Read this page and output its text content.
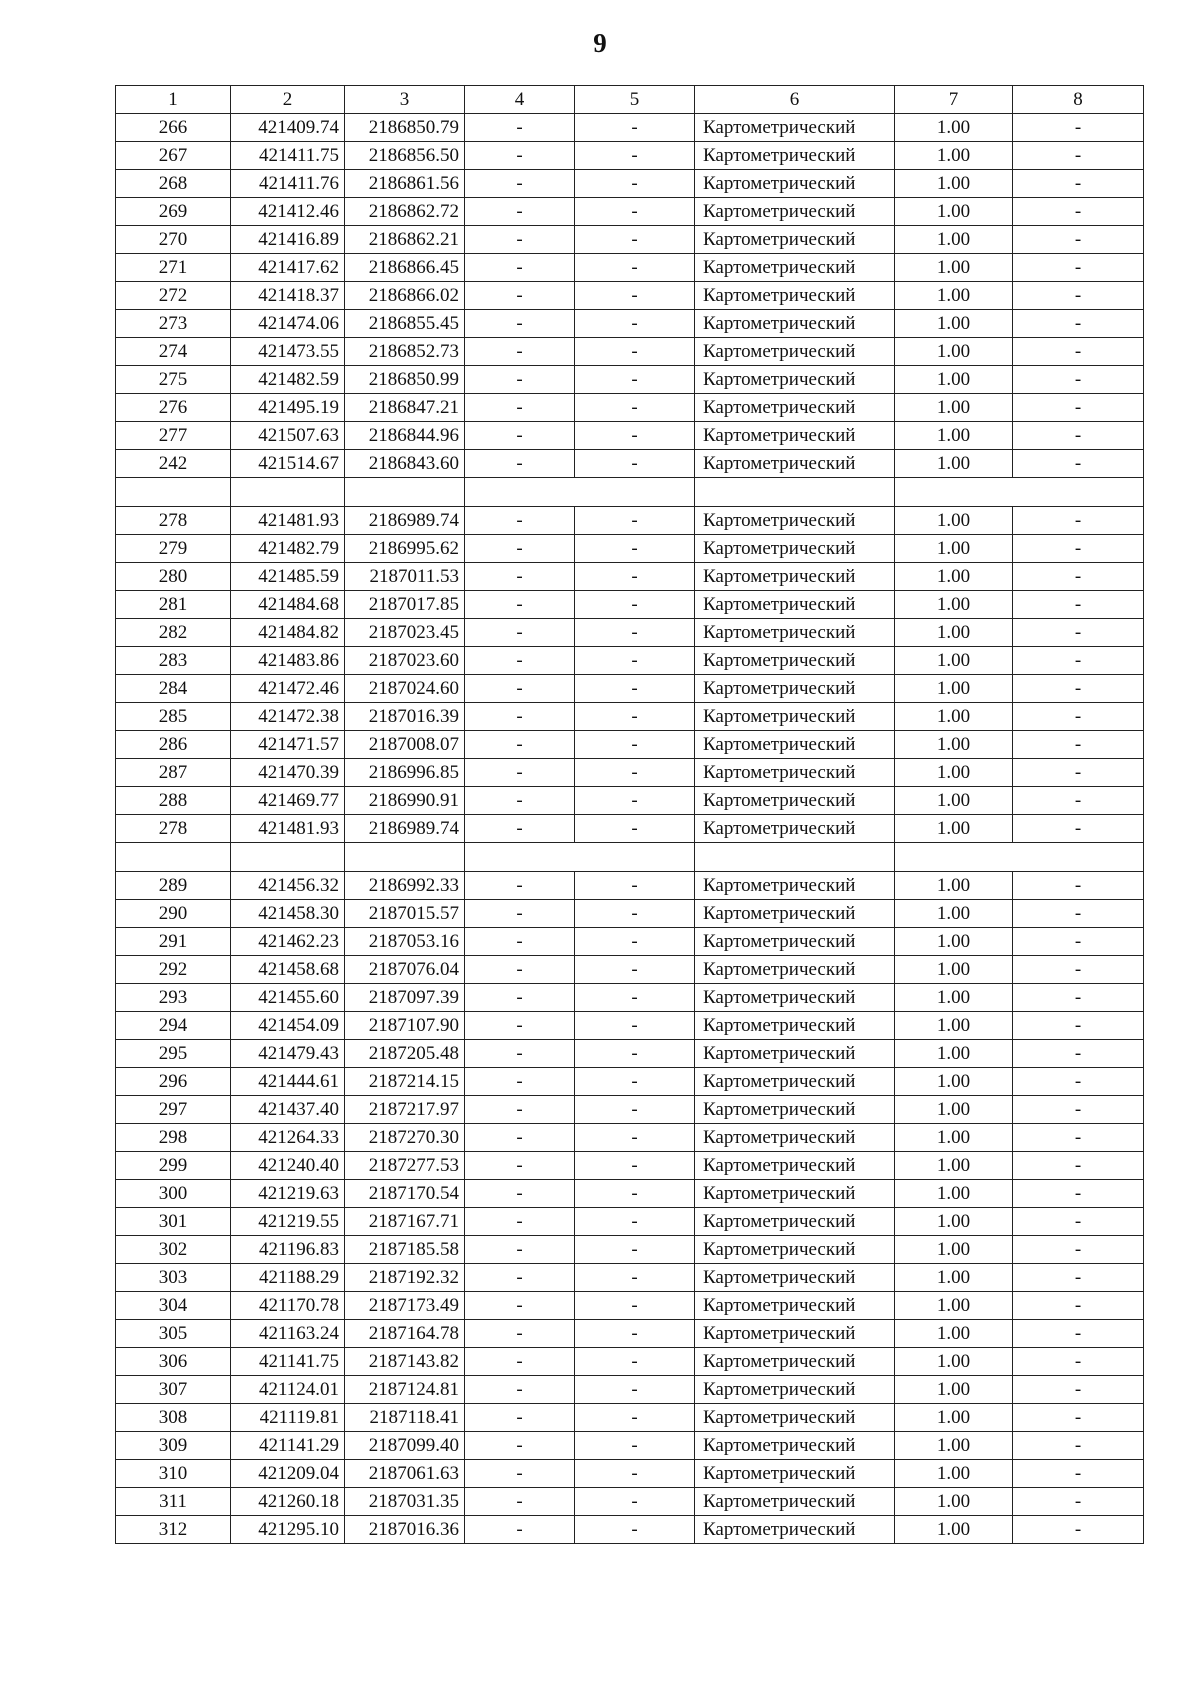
9
1	2	3	4	5	6	7	8
266	421409.74	2186850.79	-	-	Картометрический	1.00	-
267	421411.75	2186856.50	-	-	Картометрический	1.00	-
268	421411.76	2186861.56	-	-	Картометрический	1.00	-
269	421412.46	2186862.72	-	-	Картометрический	1.00	-
270	421416.89	2186862.21	-	-	Картометрический	1.00	-
271	421417.62	2186866.45	-	-	Картометрический	1.00	-
272	421418.37	2186866.02	-	-	Картометрический	1.00	-
273	421474.06	2186855.45	-	-	Картометрический	1.00	-
274	421473.55	2186852.73	-	-	Картометрический	1.00	-
275	421482.59	2186850.99	-	-	Картометрический	1.00	-
276	421495.19	2186847.21	-	-	Картометрический	1.00	-
277	421507.63	2186844.96	-	-	Картометрический	1.00	-
242	421514.67	2186843.60	-	-	Картометрический	1.00	-

278	421481.93	2186989.74	-	-	Картометрический	1.00	-
279	421482.79	2186995.62	-	-	Картометрический	1.00	-
280	421485.59	2187011.53	-	-	Картометрический	1.00	-
281	421484.68	2187017.85	-	-	Картометрический	1.00	-
282	421484.82	2187023.45	-	-	Картометрический	1.00	-
283	421483.86	2187023.60	-	-	Картометрический	1.00	-
284	421472.46	2187024.60	-	-	Картометрический	1.00	-
285	421472.38	2187016.39	-	-	Картометрический	1.00	-
286	421471.57	2187008.07	-	-	Картометрический	1.00	-
287	421470.39	2186996.85	-	-	Картометрический	1.00	-
288	421469.77	2186990.91	-	-	Картометрический	1.00	-
278	421481.93	2186989.74	-	-	Картометрический	1.00	-

289	421456.32	2186992.33	-	-	Картометрический	1.00	-
290	421458.30	2187015.57	-	-	Картометрический	1.00	-
291	421462.23	2187053.16	-	-	Картометрический	1.00	-
292	421458.68	2187076.04	-	-	Картометрический	1.00	-
293	421455.60	2187097.39	-	-	Картометрический	1.00	-
294	421454.09	2187107.90	-	-	Картометрический	1.00	-
295	421479.43	2187205.48	-	-	Картометрический	1.00	-
296	421444.61	2187214.15	-	-	Картометрический	1.00	-
297	421437.40	2187217.97	-	-	Картометрический	1.00	-
298	421264.33	2187270.30	-	-	Картометрический	1.00	-
299	421240.40	2187277.53	-	-	Картометрический	1.00	-
300	421219.63	2187170.54	-	-	Картометрический	1.00	-
301	421219.55	2187167.71	-	-	Картометрический	1.00	-
302	421196.83	2187185.58	-	-	Картометрический	1.00	-
303	421188.29	2187192.32	-	-	Картометрический	1.00	-
304	421170.78	2187173.49	-	-	Картометрический	1.00	-
305	421163.24	2187164.78	-	-	Картометрический	1.00	-
306	421141.75	2187143.82	-	-	Картометрический	1.00	-
307	421124.01	2187124.81	-	-	Картометрический	1.00	-
308	421119.81	2187118.41	-	-	Картометрический	1.00	-
309	421141.29	2187099.40	-	-	Картометрический	1.00	-
310	421209.04	2187061.63	-	-	Картометрический	1.00	-
311	421260.18	2187031.35	-	-	Картометрический	1.00	-
312	421295.10	2187016.36	-	-	Картометрический	1.00	-
